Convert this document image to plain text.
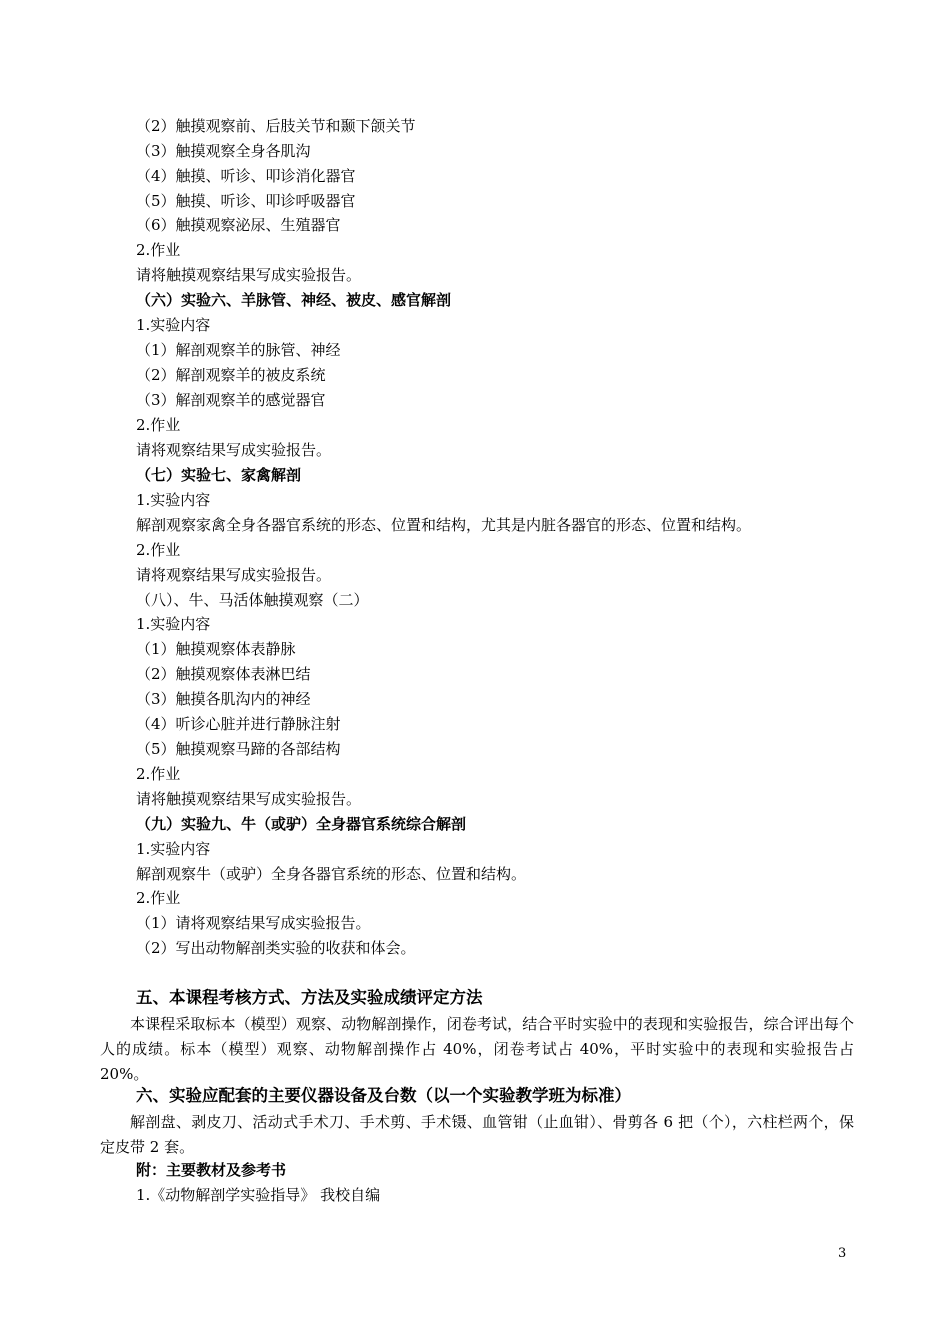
（2）触摸观察前、后肢关节和颞下颌关节
（3）触摸观察全身各肌沟
（4）触摸、听诊、叩诊消化器官
（5）触摸、听诊、叩诊呼吸器官
（6）触摸观察泌尿、生殖器官
2.作业
请将触摸观察结果写成实验报告。
（六）实验六、羊脉管、神经、被皮、感官解剖
1.实验内容
（1）解剖观察羊的脉管、神经
（2）解剖观察羊的被皮系统
（3）解剖观察羊的感觉器官
2.作业
请将观察结果写成实验报告。
（七）实验七、家禽解剖
1.实验内容
解剖观察家禽全身各器官系统的形态、位置和结构，尤其是内脏各器官的形态、位置和结构。
2.作业
请将观察结果写成实验报告。
（八）、牛、马活体触摸观察（二）
1.实验内容
（1）触摸观察体表静脉
（2）触摸观察体表淋巴结
（3）触摸各肌沟内的神经
（4）听诊心脏并进行静脉注射
（5）触摸观察马蹄的各部结构
2.作业
请将触摸观察结果写成实验报告。
（九）实验九、牛（或驴）全身器官系统综合解剖
1.实验内容
解剖观察牛（或驴）全身各器官系统的形态、位置和结构。
2.作业
（1）请将观察结果写成实验报告。
（2）写出动物解剖类实验的收获和体会。
五、本课程考核方式、方法及实验成绩评定方法
本课程采取标本（模型）观察、动物解剖操作，闭卷考试，结合平时实验中的表现和实验报告，综合评出每个人的成绩。标本（模型）观察、动物解剖操作占 40%，闭卷考试占 40%，平时实验中的表现和实验报告占 20%。
六、实验应配套的主要仪器设备及台数（以一个实验教学班为标准）
解剖盘、剥皮刀、活动式手术刀、手术剪、手术镊、血管钳（止血钳）、骨剪各 6 把（个），六柱栏两个，保定皮带 2 套。
附：主要教材及参考书
1.《动物解剖学实验指导》 我校自编
3
